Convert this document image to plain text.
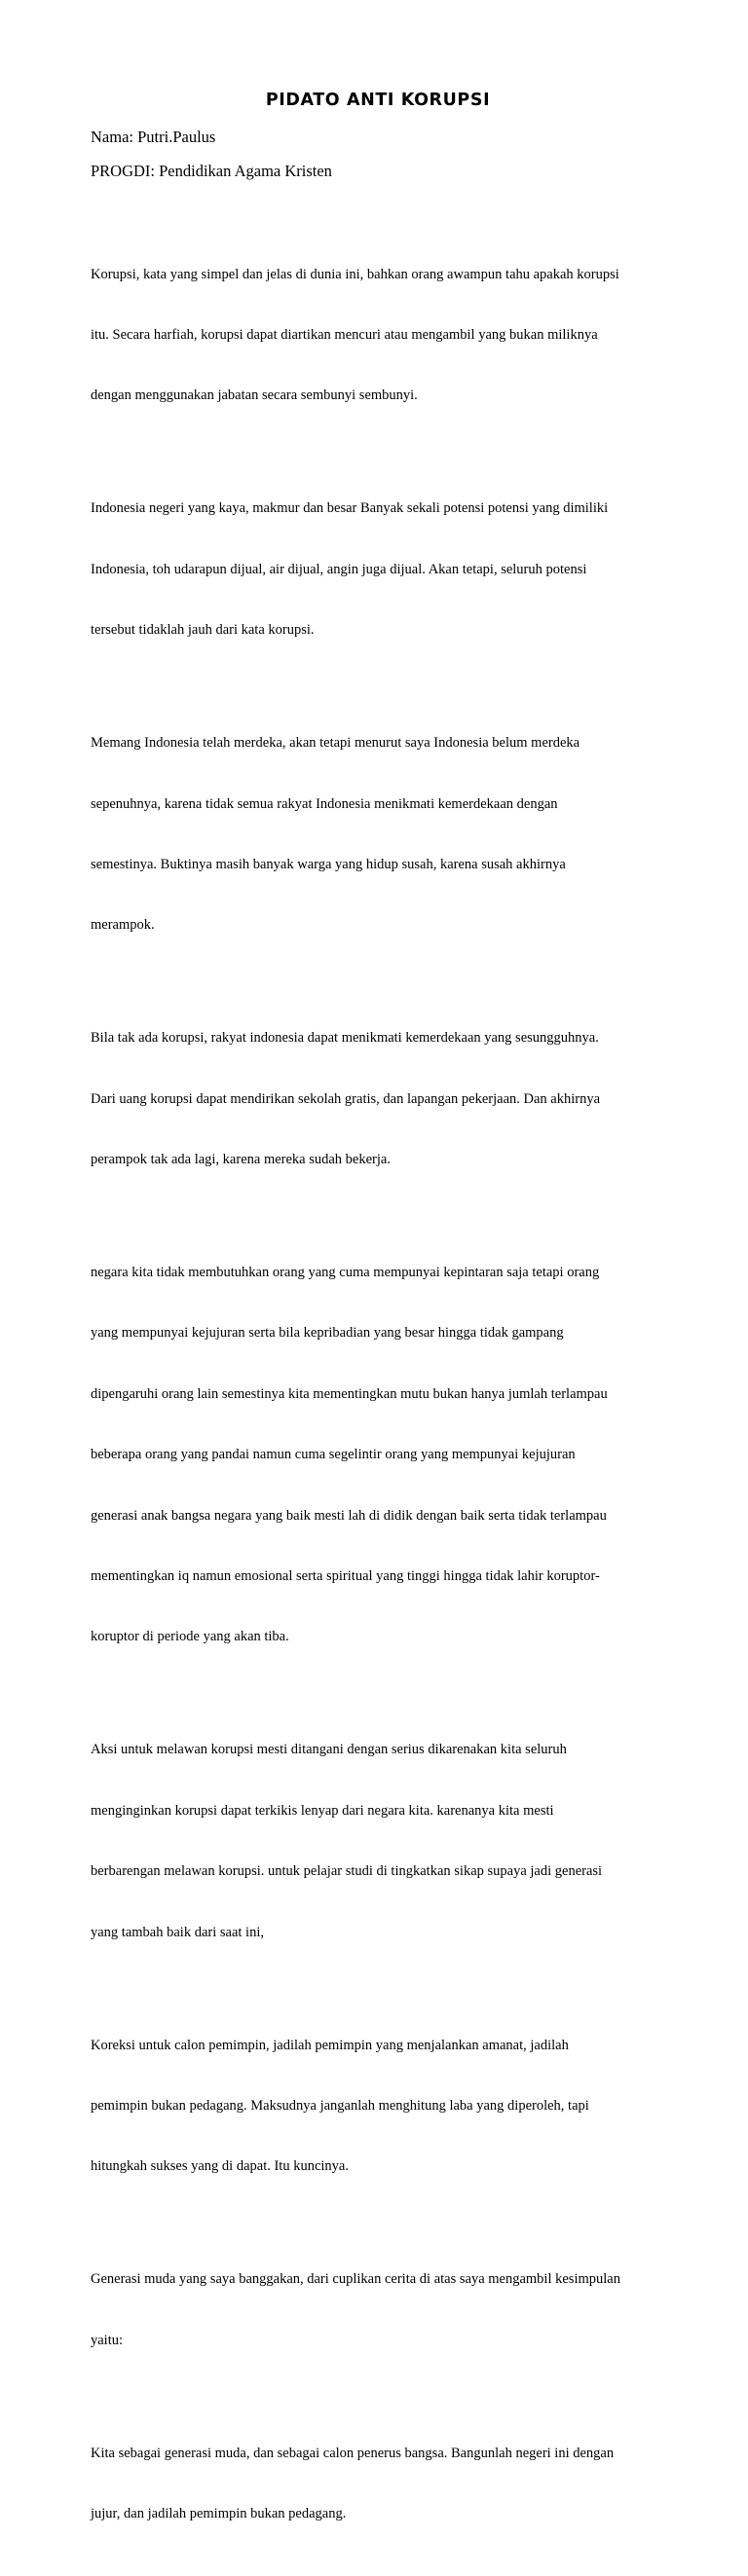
PIDATO ANTI KORUPSI

Nama: Putri.Paulus

PROGDI: Pendidikan Agama Kristen

Korupsi, kata yang simpel dan jelas di dunia ini, bahkan orang awampun tahu apakah korupsi

itu. Secara harfiah, korupsi dapat diartikan mencuri atau mengambil yang bukan miliknya

dengan menggunakan jabatan secara sembunyi sembunyi.

Indonesia negeri yang kaya, makmur dan besar Banyak sekali potensi potensi yang dimiliki

Indonesia, toh udarapun dijual, air dijual, angin juga dijual. Akan tetapi, seluruh potensi

tersebut tidaklah jauh dari kata korupsi.

Memang Indonesia telah merdeka, akan tetapi menurut saya Indonesia belum merdeka

sepenuhnya, karena tidak semua rakyat Indonesia menikmati kemerdekaan dengan

semestinya. Buktinya masih banyak warga yang hidup susah, karena susah akhirnya

merampok.

Bila tak ada korupsi, rakyat indonesia dapat menikmati kemerdekaan yang sesungguhnya.

Dari uang korupsi dapat mendirikan sekolah gratis, dan lapangan pekerjaan. Dan akhirnya

perampok tak ada lagi, karena mereka sudah bekerja.

negara kita tidak membutuhkan orang yang cuma mempunyai kepintaran saja tetapi orang

yang mempunyai kejujuran serta bila kepribadian yang besar hingga tidak gampang

dipengaruhi orang lain semestinya kita mementingkan mutu bukan hanya jumlah terlampau

beberapa orang yang pandai namun cuma segelintir orang yang mempunyai kejujuran

generasi anak bangsa negara yang baik mesti lah di didik dengan baik serta tidak terlampau

mementingkan iq namun emosional serta spiritual yang tinggi hingga tidak lahir koruptor-

koruptor di periode yang akan tiba.

Aksi untuk melawan korupsi mesti ditangani dengan serius dikarenakan kita seluruh

menginginkan korupsi dapat terkikis lenyap dari negara kita. karenanya kita mesti

berbarengan melawan korupsi. untuk pelajar studi di tingkatkan sikap supaya jadi generasi

yang tambah baik dari saat ini,

Koreksi untuk calon pemimpin, jadilah pemimpin yang menjalankan amanat, jadilah

pemimpin bukan pedagang. Maksudnya janganlah menghitung laba yang diperoleh, tapi

hitungkah sukses yang di dapat. Itu kuncinya.

Generasi muda yang saya banggakan, dari cuplikan cerita di atas saya mengambil kesimpulan

yaitu:

Kita sebagai generasi muda, dan sebagai calon penerus bangsa. Bangunlah negeri ini dengan

jujur, dan jadilah pemimpin bukan pedagang.
